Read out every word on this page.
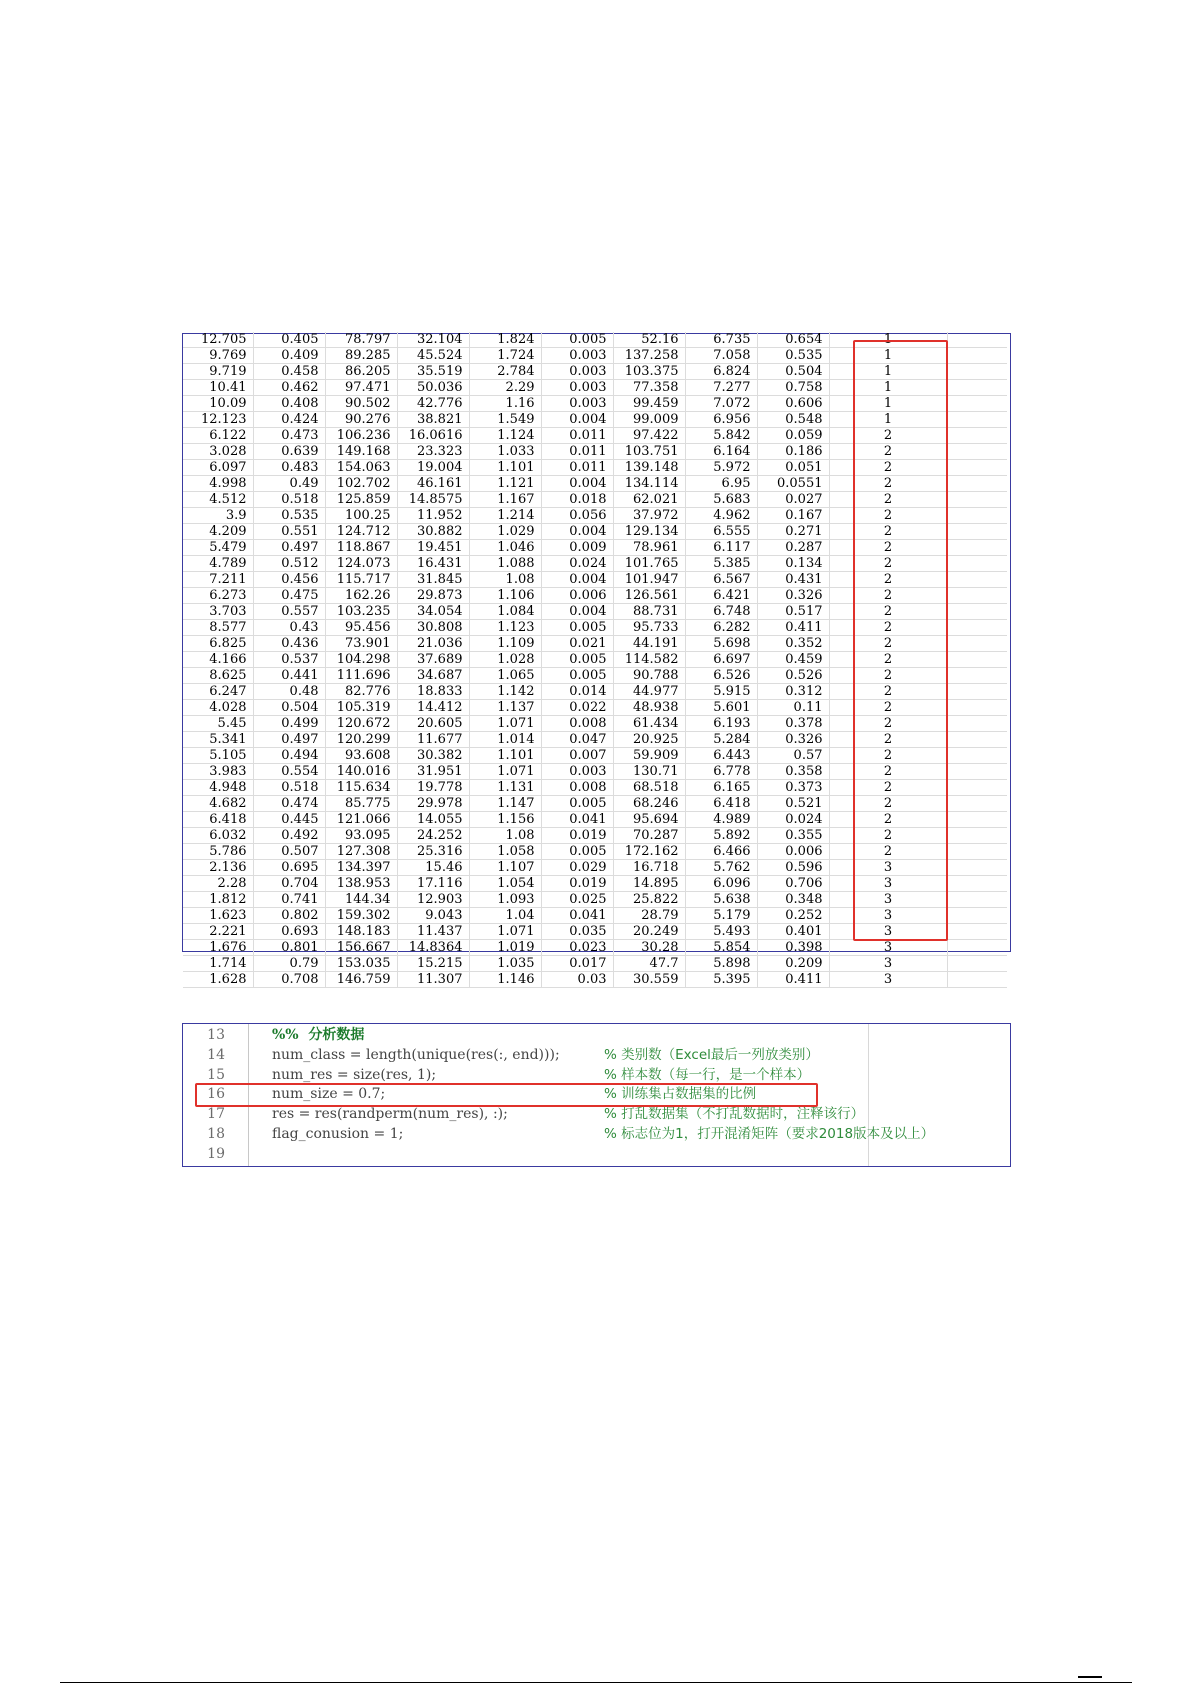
12.705	0.405	78.797	32.104	1.824	0.005	52.16	6.735	0.654	1	
9.769	0.409	89.285	45.524	1.724	0.003	137.258	7.058	0.535	1	
9.719	0.458	86.205	35.519	2.784	0.003	103.375	6.824	0.504	1	
10.41	0.462	97.471	50.036	2.29	0.003	77.358	7.277	0.758	1	
10.09	0.408	90.502	42.776	1.16	0.003	99.459	7.072	0.606	1	
12.123	0.424	90.276	38.821	1.549	0.004	99.009	6.956	0.548	1	
6.122	0.473	106.236	16.0616	1.124	0.011	97.422	5.842	0.059	2	
3.028	0.639	149.168	23.323	1.033	0.011	103.751	6.164	0.186	2	
6.097	0.483	154.063	19.004	1.101	0.011	139.148	5.972	0.051	2	
4.998	0.49	102.702	46.161	1.121	0.004	134.114	6.95	0.0551	2	
4.512	0.518	125.859	14.8575	1.167	0.018	62.021	5.683	0.027	2	
3.9	0.535	100.25	11.952	1.214	0.056	37.972	4.962	0.167	2	
4.209	0.551	124.712	30.882	1.029	0.004	129.134	6.555	0.271	2	
5.479	0.497	118.867	19.451	1.046	0.009	78.961	6.117	0.287	2	
4.789	0.512	124.073	16.431	1.088	0.024	101.765	5.385	0.134	2	
7.211	0.456	115.717	31.845	1.08	0.004	101.947	6.567	0.431	2	
6.273	0.475	162.26	29.873	1.106	0.006	126.561	6.421	0.326	2	
3.703	0.557	103.235	34.054	1.084	0.004	88.731	6.748	0.517	2	
8.577	0.43	95.456	30.808	1.123	0.005	95.733	6.282	0.411	2	
6.825	0.436	73.901	21.036	1.109	0.021	44.191	5.698	0.352	2	
4.166	0.537	104.298	37.689	1.028	0.005	114.582	6.697	0.459	2	
8.625	0.441	111.696	34.687	1.065	0.005	90.788	6.526	0.526	2	
6.247	0.48	82.776	18.833	1.142	0.014	44.977	5.915	0.312	2	
4.028	0.504	105.319	14.412	1.137	0.022	48.938	5.601	0.11	2	
5.45	0.499	120.672	20.605	1.071	0.008	61.434	6.193	0.378	2	
5.341	0.497	120.299	11.677	1.014	0.047	20.925	5.284	0.326	2	
5.105	0.494	93.608	30.382	1.101	0.007	59.909	6.443	0.57	2	
3.983	0.554	140.016	31.951	1.071	0.003	130.71	6.778	0.358	2	
4.948	0.518	115.634	19.778	1.131	0.008	68.518	6.165	0.373	2	
4.682	0.474	85.775	29.978	1.147	0.005	68.246	6.418	0.521	2	
6.418	0.445	121.066	14.055	1.156	0.041	95.694	4.989	0.024	2	
6.032	0.492	93.095	24.252	1.08	0.019	70.287	5.892	0.355	2	
5.786	0.507	127.308	25.316	1.058	0.005	172.162	6.466	0.006	2	
2.136	0.695	134.397	15.46	1.107	0.029	16.718	5.762	0.596	3	
2.28	0.704	138.953	17.116	1.054	0.019	14.895	6.096	0.706	3	
1.812	0.741	144.34	12.903	1.093	0.025	25.822	5.638	0.348	3	
1.623	0.802	159.302	9.043	1.04	0.041	28.79	5.179	0.252	3	
2.221	0.693	148.183	11.437	1.071	0.035	20.249	5.493	0.401	3	
1.676	0.801	156.667	14.8364	1.019	0.023	30.28	5.854	0.398	3	
1.714	0.79	153.035	15.215	1.035	0.017	47.7	5.898	0.209	3	
1.628	0.708	146.759	11.307	1.146	0.03	30.559	5.395	0.411	3	
13	%%  分析数据
14	num_class = length(unique(res(:, end)));	% 类别数（Excel最后一列放类别）
15	num_res = size(res, 1);	% 样本数（每一行，是一个样本）
16	num_size = 0.7;	% 训练集占数据集的比例
17	res = res(randperm(num_res), :);	% 打乱数据集（不打乱数据时，注释该行）
18	flag_conusion = 1;	% 标志位为1，打开混淆矩阵（要求2018版本及以上）
19
